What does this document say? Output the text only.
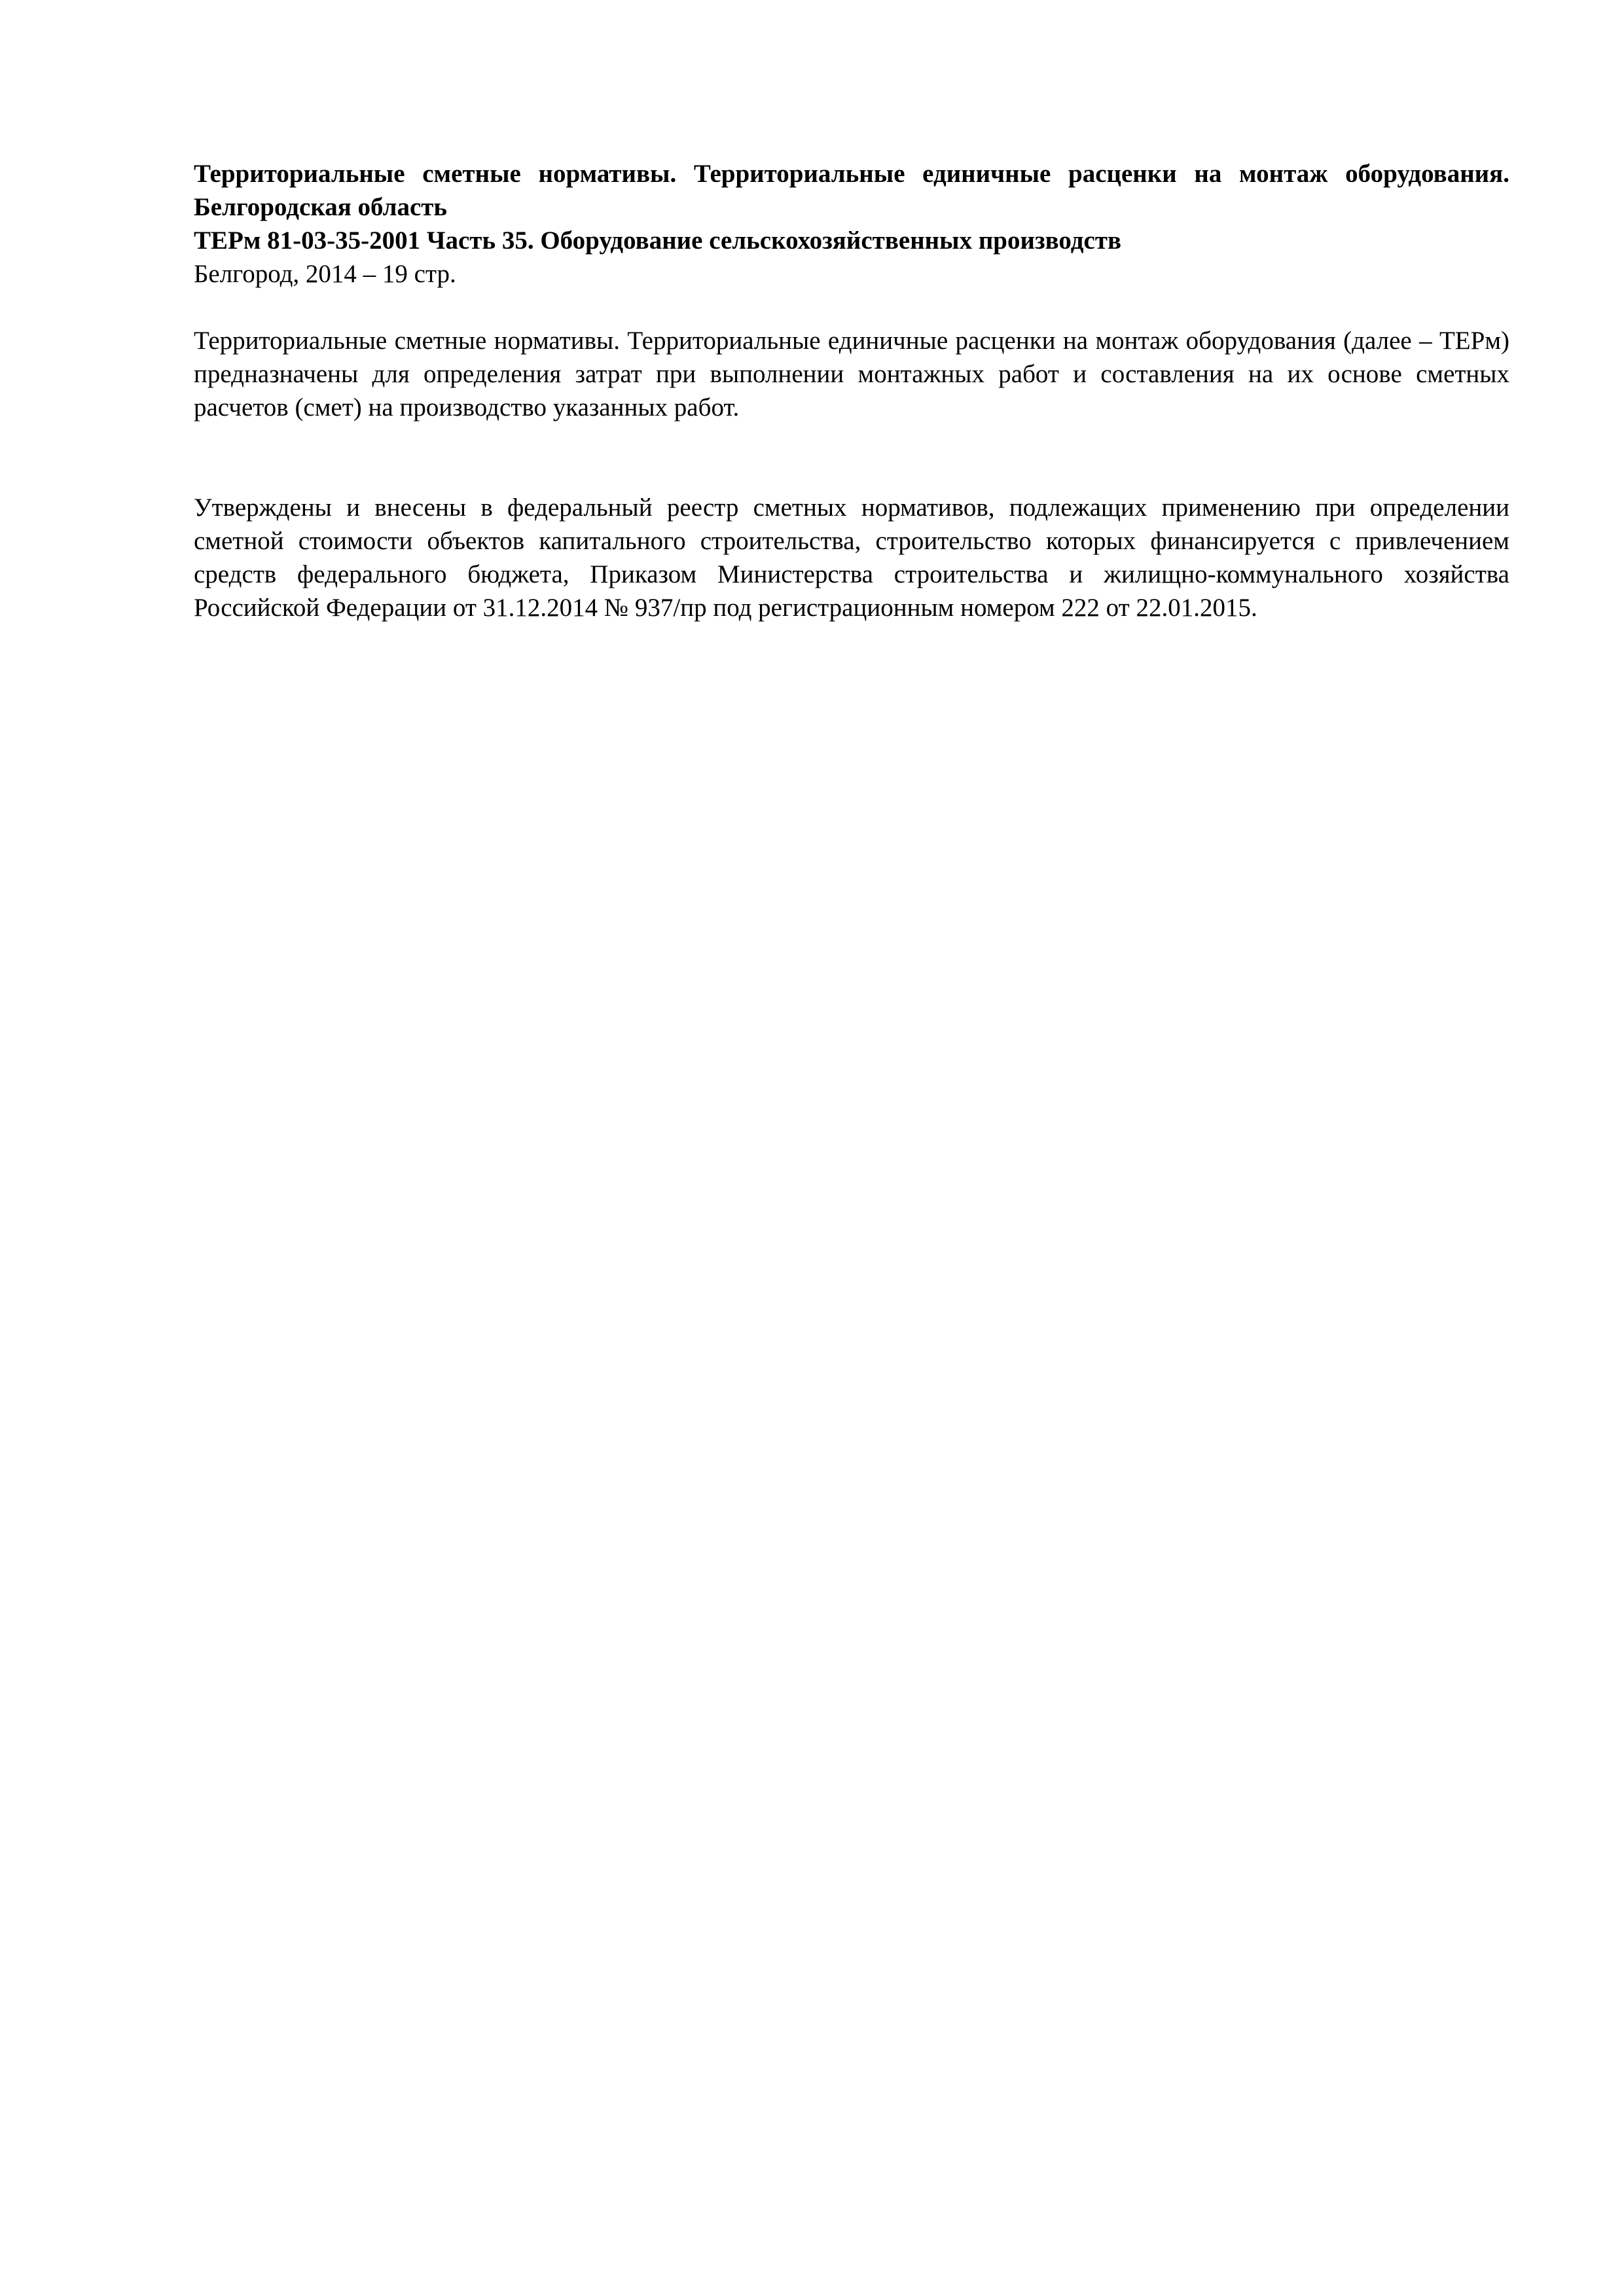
Территориальные сметные нормативы. Территориальные единичные расценки на монтаж оборудования. Белгородская область

ТЕРм 81-03-35-2001 Часть 35. Оборудование сельскохозяйственных производств

Белгород, 2014 – 19 стр.

Территориальные сметные нормативы. Территориальные единичные расценки на монтаж оборудования (далее – ТЕРм) предназначены для определения затрат при выполнении монтажных работ и составления на их основе сметных расчетов (смет) на производство указанных работ.

Утверждены и внесены в федеральный реестр сметных нормативов, подлежащих применению при определении сметной стоимости объектов капитального строительства, строительство которых финансируется с привлечением средств федерального бюджета, Приказом Министерства строительства и жилищно-коммунального хозяйства Российской Федерации от 31.12.2014 № 937/пр под регистрационным номером 222 от 22.01.2015.
